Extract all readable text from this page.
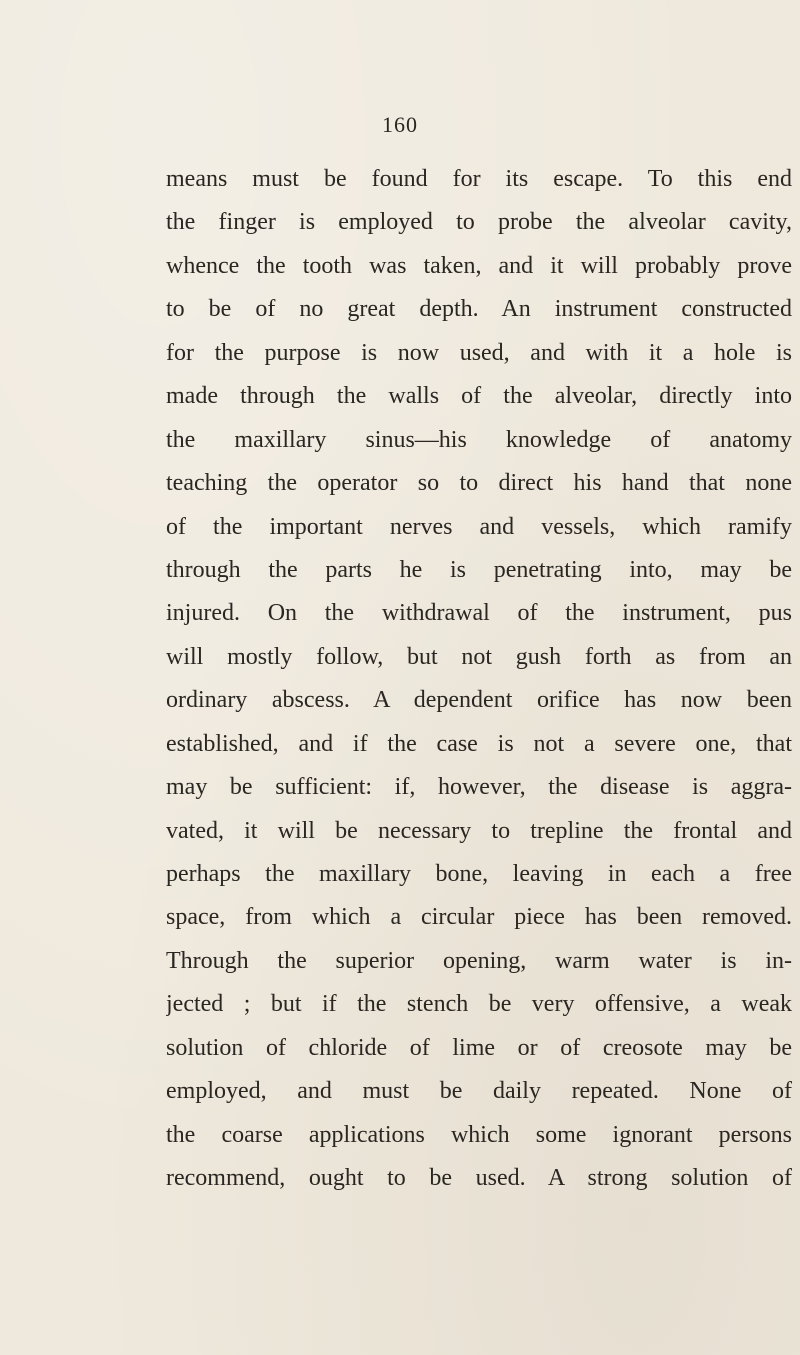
160
means must be found for its escape. To this end
the finger is employed to probe the alveolar cavity,
whence the tooth was taken, and it will probably prove
to be of no great depth. An instrument constructed
for the purpose is now used, and with it a hole is
made through the walls of the alveolar, directly into
the maxillary sinus—his knowledge of anatomy
teaching the operator so to direct his hand that none
of the important nerves and vessels, which ramify
through the parts he is penetrating into, may be
injured. On the withdrawal of the instrument, pus
will mostly follow, but not gush forth as from an
ordinary abscess. A dependent orifice has now been
established, and if the case is not a severe one, that
may be sufficient: if, however, the disease is aggra-
vated, it will be necessary to trepline the frontal and
perhaps the maxillary bone, leaving in each a free
space, from which a circular piece has been removed.
Through the superior opening, warm water is in-
jected ; but if the stench be very offensive, a weak
solution of chloride of lime or of creosote may be
employed, and must be daily repeated. None of
the coarse applications which some ignorant persons
recommend, ought to be used. A strong solution of
